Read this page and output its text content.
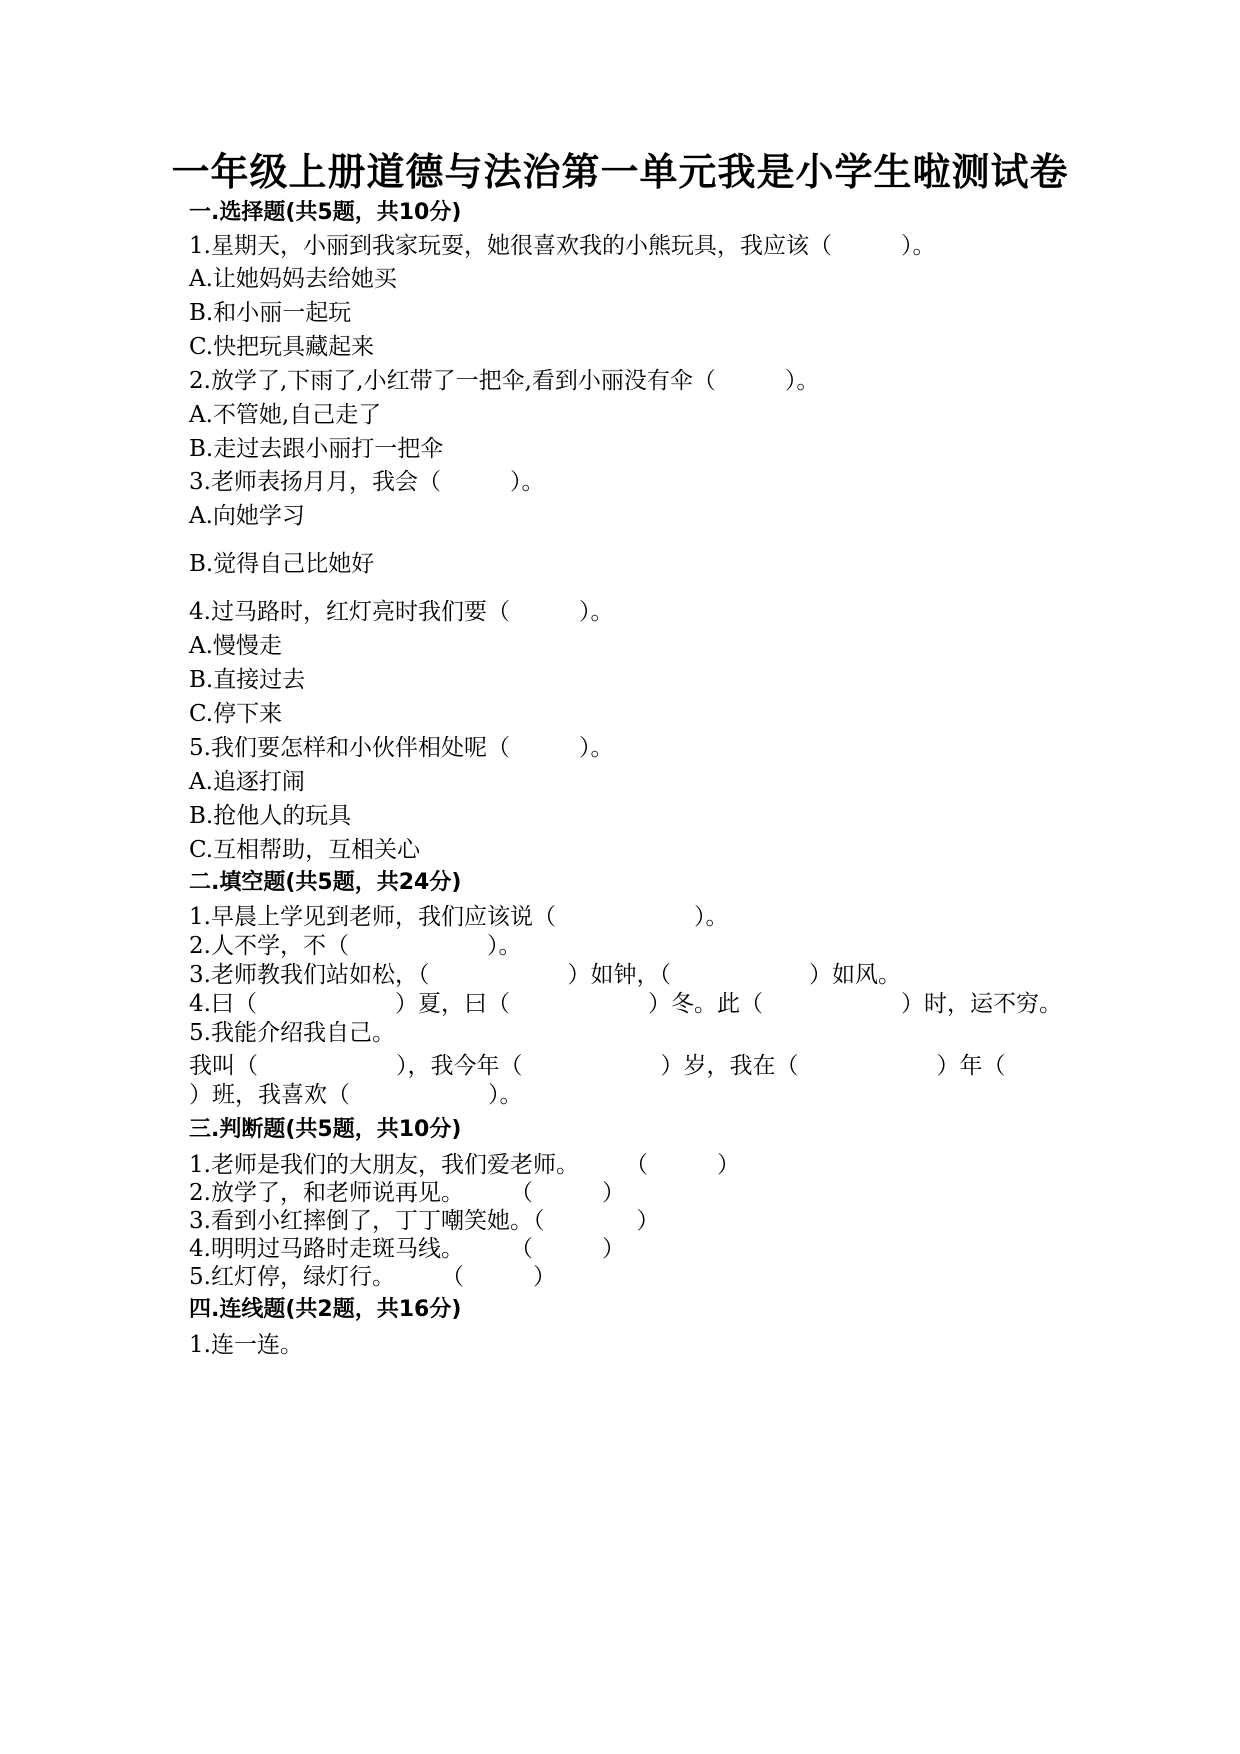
一年级上册道德与法治第一单元我是小学生啦测试卷
一.选择题(共5题，共10分)
1.星期天，小丽到我家玩耍，她很喜欢我的小熊玩具，我应该（　　　）。
A.让她妈妈去给她买
B.和小丽一起玩
C.快把玩具藏起来
2.放学了,下雨了,小红带了一把伞,看到小丽没有伞（　　　）。
A.不管她,自己走了
B.走过去跟小丽打一把伞
3.老师表扬月月，我会（　　　）。
A.向她学习
B.觉得自己比她好
4.过马路时，红灯亮时我们要（　　　）。
A.慢慢走
B.直接过去
C.停下来
5.我们要怎样和小伙伴相处呢（　　　）。
A.追逐打闹
B.抢他人的玩具
C.互相帮助，互相关心
二.填空题(共5题，共24分)
1.早晨上学见到老师，我们应该说（　　　　　　）。
2.人不学，不（　　　　　　）。
3.老师教我们站如松，（　　　　　　）如钟，（　　　　　　）如风。
4.曰（　　　　　　）夏，曰（　　　　　　）冬。此（　　　　　　）时，运不穷。
5.我能介绍我自己。
我叫（　　　　　　），我今年（　　　　　　）岁，我在（　　　　　　）年（
）班，我喜欢（　　　　　　）。
三.判断题(共5题，共10分)
1.老师是我们的大朋友，我们爱老师。　　　（　　　）
2.放学了，和老师说再见。　　　（　　　）
3.看到小红摔倒了，丁丁嘲笑她。（　　　　）
4.明明过马路时走斑马线。　　　（　　　）
5.红灯停，绿灯行。　　　（　　　）
四.连线题(共2题，共16分)
1.连一连。
